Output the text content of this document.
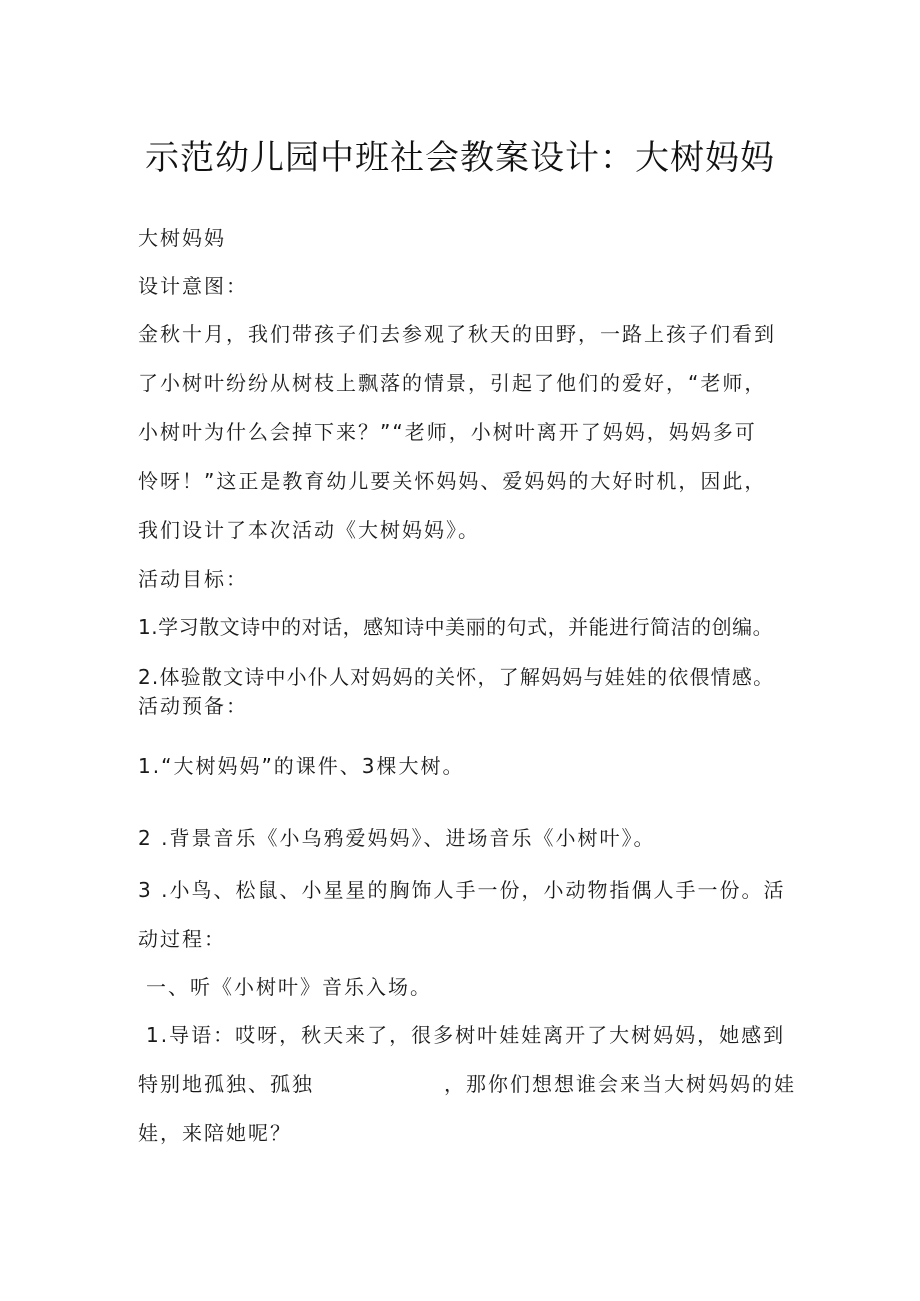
示范幼儿园中班社会教案设计：大树妈妈
大树妈妈
设计意图：
金秋十月，我们带孩子们去参观了秋天的田野，一路上孩子们看到
了小树叶纷纷从树枝上飘落的情景，引起了他们的爱好，“老师，
小树叶为什么会掉下来？”“老师，小树叶离开了妈妈，妈妈多可
怜呀！”这正是教育幼儿要关怀妈妈、爱妈妈的大好时机，因此，
我们设计了本次活动《大树妈妈》。
活动目标：
1.学习散文诗中的对话，感知诗中美丽的句式，并能进行简洁的创编。
2.体验散文诗中小仆人对妈妈的关怀，了解妈妈与娃娃的依偎情感。
活动预备：
1.“大树妈妈”的课件、3棵大树。
2 .背景音乐《小乌鸦爱妈妈》、进场音乐《小树叶》。
3 .小鸟、松鼠、小星星的胸饰人手一份，小动物指偶人手一份。活
动过程：
一、听《小树叶》音乐入场。
1.导语：哎呀，秋天来了，很多树叶娃娃离开了大树妈妈，她感到
特别地孤独、孤独	，那你们想想谁会来当大树妈妈的娃
娃，来陪她呢？
